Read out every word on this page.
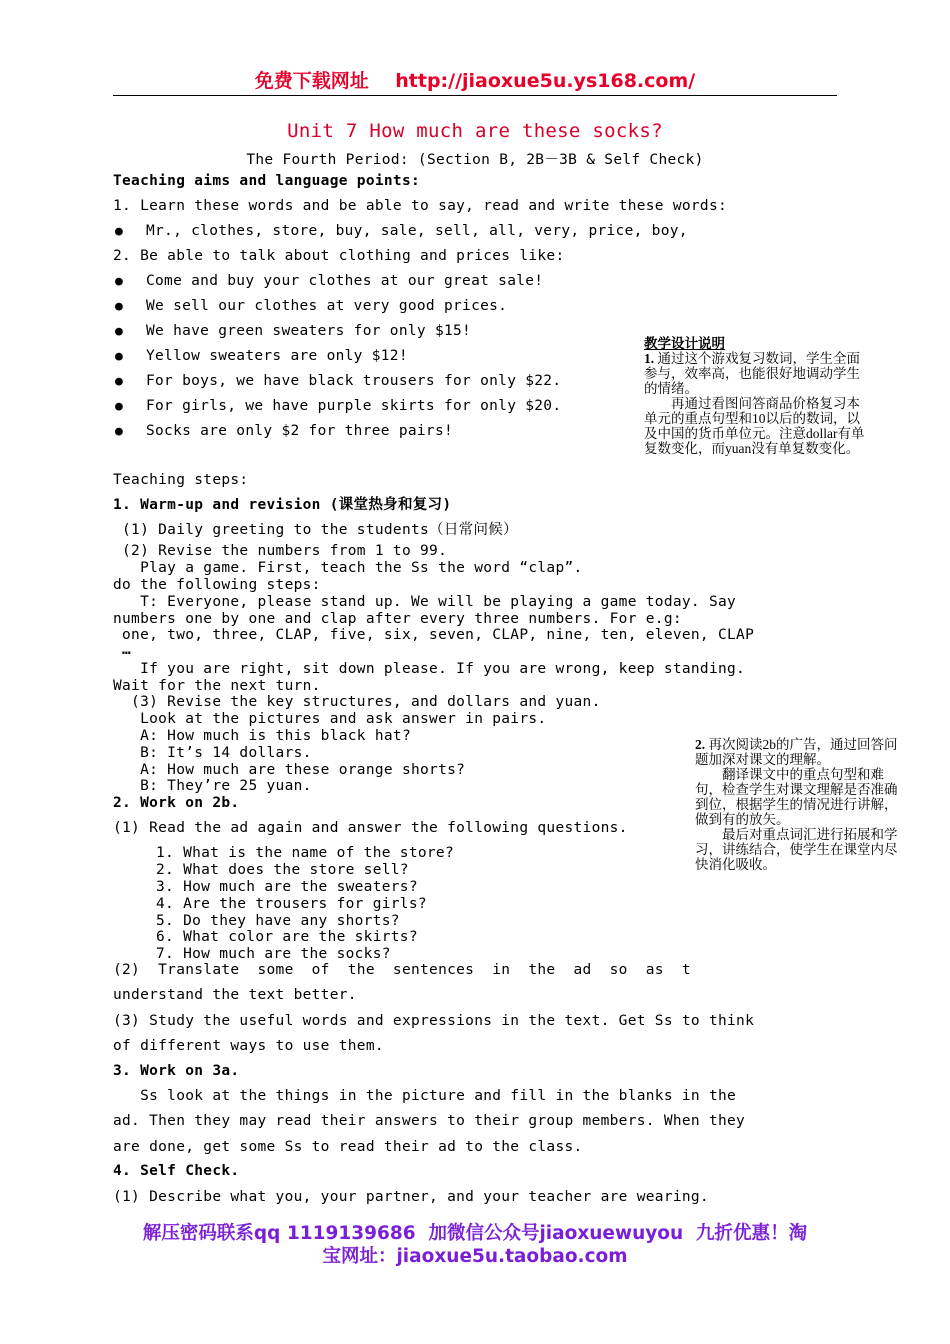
免费下载网址    http://jiaoxue5u.ys168.com/
Unit 7 How much are these socks?
The Fourth Period: (Section B, 2B－3B & Self Check)
Teaching aims and language points:
1. Learn these words and be able to say, read and write these words:
● Mr., clothes, store, buy, sale, sell, all, very, price, boy,
2. Be able to talk about clothing and prices like:
● Come and buy your clothes at our great sale!
● We sell our clothes at very good prices.
● We have green sweaters for only $15!
● Yellow sweaters are only $12!
● For boys, we have black trousers for only $22.
● For girls, we have purple skirts for only $20.
● Socks are only $2 for three pairs!
Teaching steps:
1. Warm-up and revision (课堂热身和复习)
(1) Daily greeting to the students（日常问候）
(2) Revise the numbers from 1 to 99.
Play a game. First, teach the Ss the word “clap”.
do the following steps:
T: Everyone, please stand up. We will be playing a game today. Say
numbers one by one and clap after every three numbers. For e.g:
one, two, three, CLAP, five, six, seven, CLAP, nine, ten, eleven, CLAP
…
If you are right, sit down please. If you are wrong, keep standing.
Wait for the next turn.
(3) Revise the key structures, and dollars and yuan.
Look at the pictures and ask answer in pairs.
A: How much is this black hat?
B: It’s 14 dollars.
A: How much are these orange shorts?
B: They’re 25 yuan.
2. Work on 2b.
(1) Read the ad again and answer the following questions.
1. What is the name of the store?
2. What does the store sell?
3. How much are the sweaters?
4. Are the trousers for girls?
5. Do they have any shorts?
6. What color are the skirts?
7. How much are the socks?
(2)  Translate  some  of  the  sentences  in  the  ad  so  as  t
understand the text better.
(3) Study the useful words and expressions in the text. Get Ss to think
of different ways to use them.
3. Work on 3a.
Ss look at the things in the picture and fill in the blanks in the
ad. Then they may read their answers to their group members. When they
are done, get some Ss to read their ad to the class.
4. Self Check.
(1) Describe what you, your partner, and your teacher are wearing.
教学设计说明
1. 通过这个游戏复习数词，学生全面参与，效率高，也能很好地调动学生的情绪。
再通过看图问答商品价格复习本单元的重点句型和10以后的数词，以及中国的货币单位元。注意dollar有单复数变化，而yuan没有单复数变化。
2. 再次阅读2b的广告，通过回答问题加深对课文的理解。
翻译课文中的重点句型和难句，检查学生对课文理解是否准确到位，根据学生的情况进行讲解，做到有的放矢。
最后对重点词汇进行拓展和学习，讲练结合，使学生在课堂内尽快消化吸收。
解压密码联系qq 1119139686  加微信公众号jiaoxuewuyou  九折优惠！淘
宝网址：jiaoxue5u.taobao.com
